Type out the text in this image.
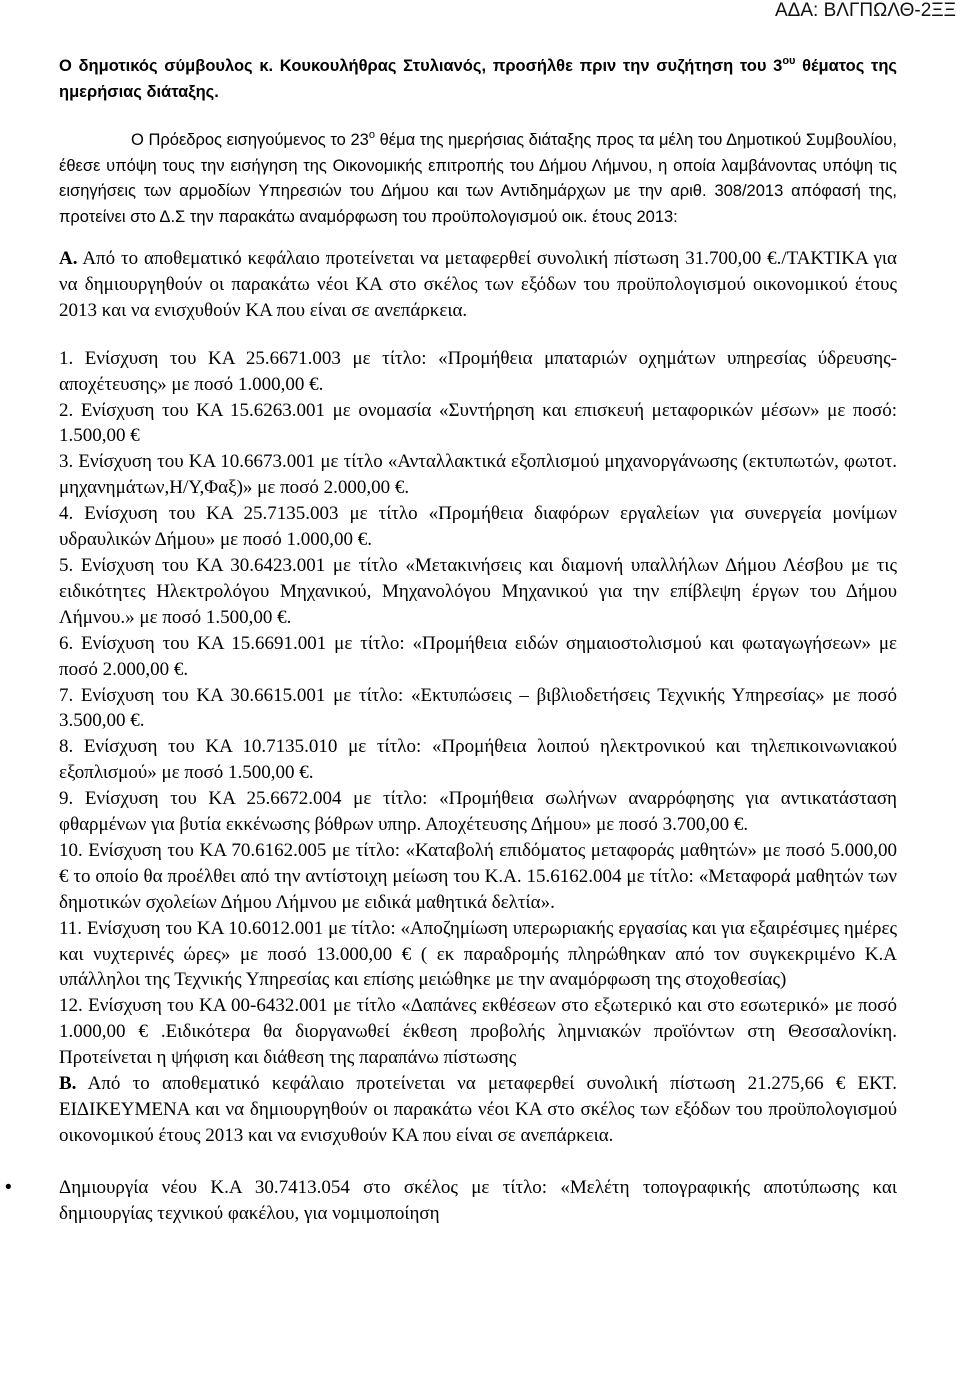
ΑΔΑ: ΒΛΓΠΩΛΘ-2ΞΞ

Ο δημοτικός σύμβουλος κ. Κουκουλήθρας Στυλιανός, προσήλθε πριν την συζήτηση του $3^{o\upsilon}$ θέματος της ημερήσιας διάταξης.

Ο Πρόεδρος εισηγούμενος το $23^o$ θέμα της ημερήσιας διάταξης προς τα μέλη του Δημοτικού Συμβουλίου, έθεσε υπόψη τους την εισήγηση της Οικονομικής επιτροπής του Δήμου Λήμνου, η οποία λαμβάνοντας υπόψη τις εισηγήσεις των αρμοδίων Υπηρεσιών του Δήμου και των Αντιδημάρχων με την αριθ. 308/2013 απόφασή της, προτείνει στο Δ.Σ την παρακάτω αναμόρφωση του προϋπολογισμού οικ. έτους 2013:

Α. Από το αποθεματικό κεφάλαιο προτείνεται να μεταφερθεί συνολική πίστωση 31.700,00 €./ΤΑΚΤΙΚΑ για να δημιουργηθούν οι παρακάτω νέοι ΚΑ στο σκέλος των εξόδων του προϋπολογισμού οικονομικού έτους 2013 και να ενισχυθούν ΚΑ που είναι σε ανεπάρκεια.

1. Ενίσχυση του ΚΑ 25.6671.003 με τίτλο: «Προμήθεια μπαταριών οχημάτων υπηρεσίας ύδρευσης-αποχέτευσης» με ποσό 1.000,00 €.

2. Ενίσχυση του ΚΑ 15.6263.001 με ονομασία «Συντήρηση και επισκευή μεταφορικών μέσων» με ποσό: 1.500,00 €

3. Ενίσχυση του ΚΑ 10.6673.001 με τίτλο «Ανταλλακτικά εξοπλισμού μηχανοργάνωσης (εκτυπωτών, φωτοτ. μηχανημάτων,Η/Υ,Φαξ)» με ποσό 2.000,00 €.

4. Ενίσχυση του ΚΑ 25.7135.003 με τίτλο «Προμήθεια διαφόρων εργαλείων για συνεργεία μονίμων υδραυλικών Δήμου» με ποσό 1.000,00 €.

5. Ενίσχυση του ΚΑ 30.6423.001 με τίτλο «Μετακινήσεις και διαμονή υπαλλήλων Δήμου Λέσβου με τις ειδικότητες Ηλεκτρολόγου Μηχανικού, Μηχανολόγου Μηχανικού για την επίβλεψη έργων του Δήμου Λήμνου.» με ποσό 1.500,00 €.

6. Ενίσχυση του ΚΑ 15.6691.001 με τίτλο: «Προμήθεια ειδών σημαιοστολισμού και φωταγωγήσεων» με ποσό 2.000,00 €.

7. Ενίσχυση του ΚΑ 30.6615.001 με τίτλο: «Εκτυπώσεις – βιβλιοδετήσεις Τεχνικής Υπηρεσίας» με ποσό 3.500,00 €.

8. Ενίσχυση του ΚΑ 10.7135.010 με τίτλο: «Προμήθεια λοιπού ηλεκτρονικού και τηλεπικοινωνιακού εξοπλισμού» με ποσό 1.500,00 €.

9. Ενίσχυση του ΚΑ 25.6672.004 με τίτλο: «Προμήθεια σωλήνων αναρρόφησης για αντικατάσταση φθαρμένων για βυτία εκκένωσης βόθρων υπηρ. Αποχέτευσης Δήμου» με ποσό 3.700,00 €.

10. Ενίσχυση του ΚΑ 70.6162.005 με τίτλο: «Καταβολή επιδόματος μεταφοράς μαθητών» με ποσό 5.000,00 € το οποίο θα προέλθει από την αντίστοιχη μείωση του Κ.Α. 15.6162.004 με τίτλο: «Μεταφορά μαθητών των δημοτικών σχολείων Δήμου Λήμνου με ειδικά μαθητικά δελτία».

11. Ενίσχυση του ΚΑ 10.6012.001 με τίτλο: «Αποζημίωση υπερωριακής εργασίας και για εξαιρέσιμες ημέρες και νυχτερινές ώρες» με ποσό 13.000,00 € ( εκ παραδρομής πληρώθηκαν από τον συγκεκριμένο Κ.Α υπάλληλοι της Τεχνικής Υπηρεσίας και επίσης μειώθηκε με την αναμόρφωση της στοχοθεσίας)

12. Ενίσχυση του ΚΑ 00-6432.001 με τίτλο «Δαπάνες εκθέσεων στο εξωτερικό και στο εσωτερικό» με ποσό 1.000,00 € .Ειδικότερα θα διοργανωθεί έκθεση προβολής λημνιακών προϊόντων στη Θεσσαλονίκη. Προτείνεται η ψήφιση και διάθεση της παραπάνω πίστωσης

Β. Από το αποθεματικό κεφάλαιο προτείνεται να μεταφερθεί συνολική πίστωση 21.275,66 € ΕΚΤ. ΕΙΔΙΚΕΥΜΕΝΑ και να δημιουργηθούν οι παρακάτω νέοι ΚΑ στο σκέλος των εξόδων του προϋπολογισμού οικονομικού έτους 2013 και να ενισχυθούν ΚΑ που είναι σε ανεπάρκεια.

• Δημιουργία νέου Κ.Α 30.7413.054 στο σκέλος με τίτλο: «Μελέτη τοπογραφικής αποτύπωσης και δημιουργίας τεχνικού φακέλου, για νομιμοποίηση
